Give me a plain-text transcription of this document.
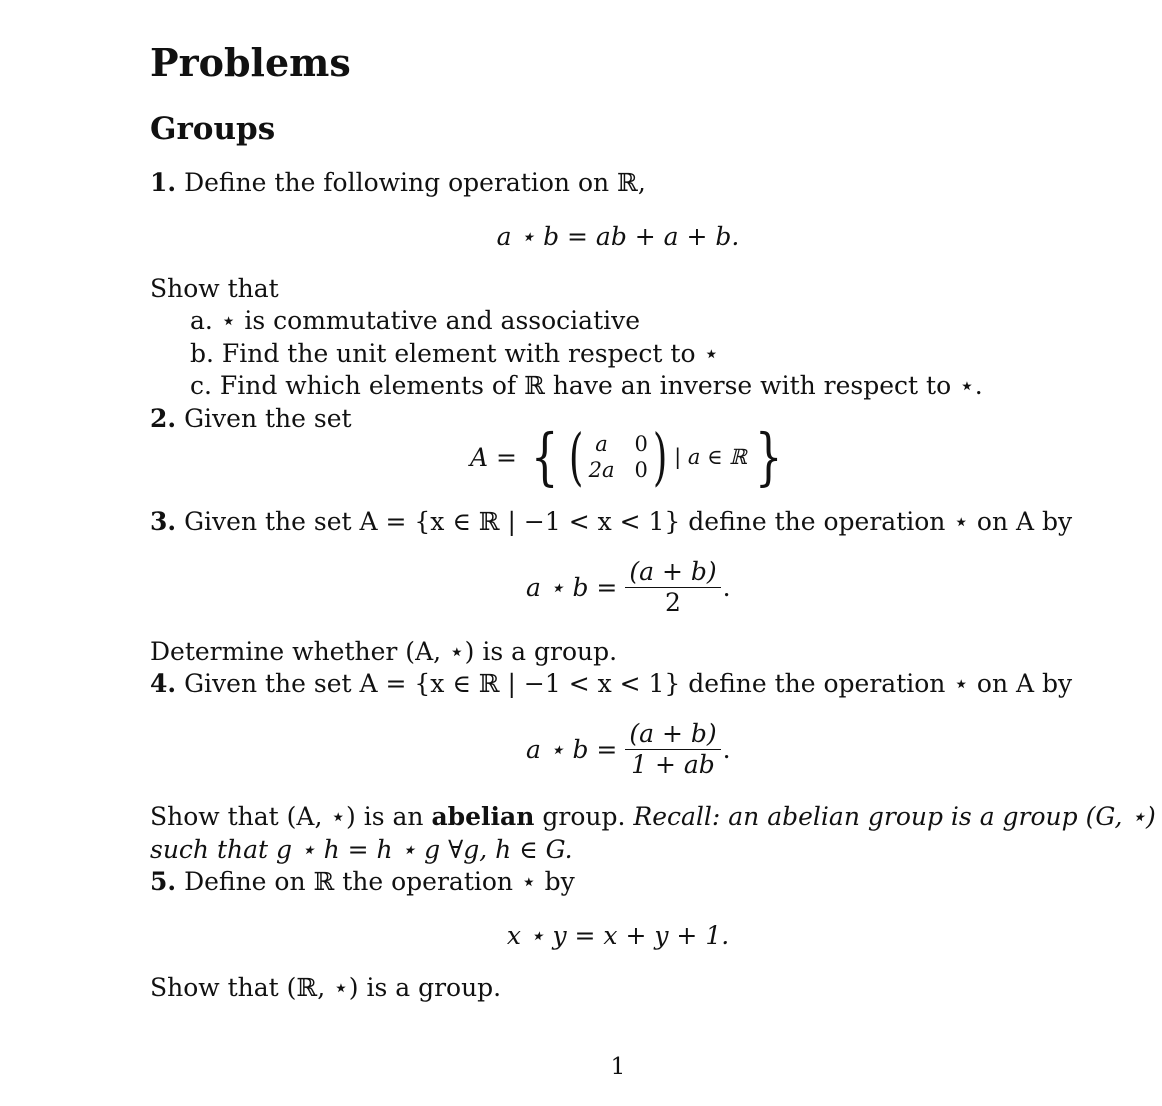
Problems
Groups
1. Define the following operation on ℝ,
a ⋆ b = ab + a + b.
Show that
a. ⋆ is commutative and associative
b. Find the unit element with respect to ⋆
c. Find which elements of ℝ have an inverse with respect to ⋆.
2. Given the set
A = { ( a	0
2a 0 ) | a ∈ ℝ }
3. Given the set A = {x ∈ ℝ | −1 < x < 1} define the operation ⋆ on A by
a ⋆ $b = \frac{(a + b)}{2}$ .
Determine whether (A, ⋆) is a group.
4. Given the set A = {x ∈ ℝ | −1 < x < 1} define the operation ⋆ on A by
a ⋆ $b = \frac{(a + b)}{1 + ab}$ .
Show that (A, ⋆) is an abelian group. Recall: an abelian group is a group (G, ⋆)
such that g ⋆ h = h ⋆ g ∀g, h ∈ G.
5. Define on ℝ the operation ⋆ by
x ⋆ y = x + y + 1.
Show that (ℝ, ⋆) is a group.
1
